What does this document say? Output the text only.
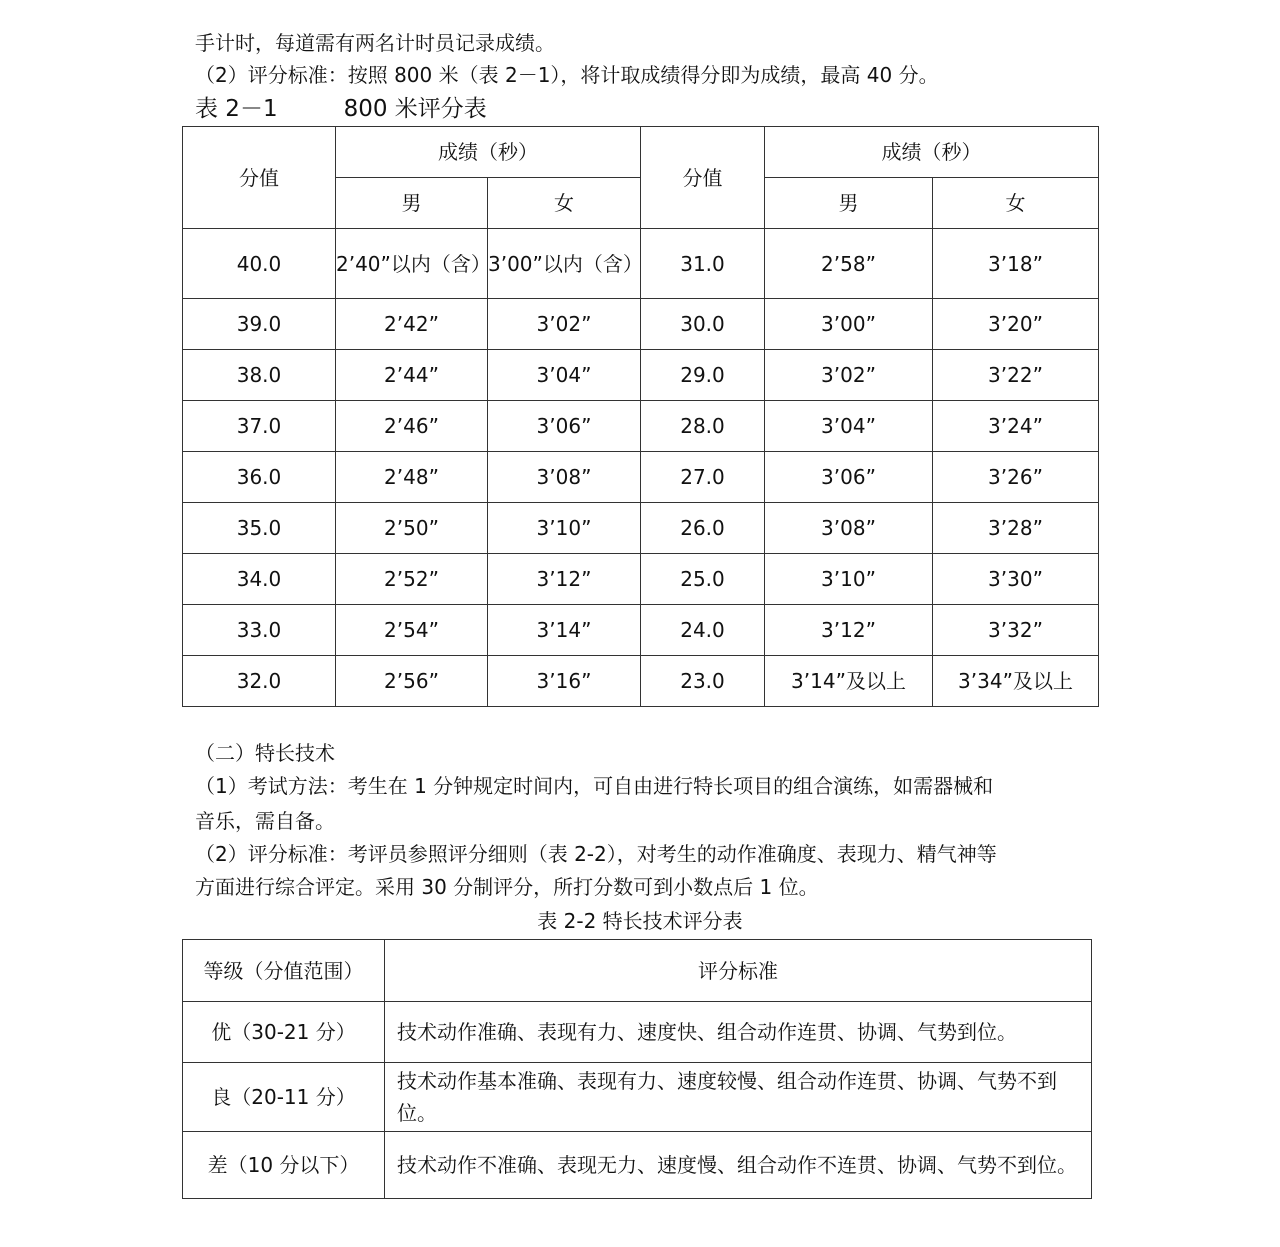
手计时，每道需有两名计时员记录成绩。
（2）评分标准：按照 800 米（表 2－1），将计取成绩得分即为成绩，最高 40 分。
表 2－1	800 米评分表
分值	成绩（秒）		分值	成绩（秒）	
	男	女		男	女
40.0	2’40”以内（含）	3’00”以内（含）	31.0	2’58”	3’18”
39.0	2’42”	3’02”	30.0	3’00”	3’20”
38.0	2’44”	3’04”	29.0	3’02”	3’22”
37.0	2’46”	3’06”	28.0	3’04”	3’24”
36.0	2’48”	3’08”	27.0	3’06”	3’26”
35.0	2’50”	3’10”	26.0	3’08”	3’28”
34.0	2’52”	3’12”	25.0	3’10”	3’30”
33.0	2’54”	3’14”	24.0	3’12”	3’32”
32.0	2’56”	3’16”	23.0	3’14”及以上	3’34”及以上
（二）特长技术
（1）考试方法：考生在 1 分钟规定时间内，可自由进行特长项目的组合演练，如需器械和
音乐，需自备。
（2）评分标准：考评员参照评分细则（表 2-2），对考生的动作准确度、表现力、精气神等
方面进行综合评定。采用 30 分制评分，所打分数可到小数点后 1 位。
表 2-2 特长技术评分表
等级（分值范围）	评分标准
优（30-21 分）	技术动作准确、表现有力、速度快、组合动作连贯、协调、气势到位。
良（20-11 分）	技术动作基本准确、表现有力、速度较慢、组合动作连贯、协调、气势不到位。
差（10 分以下）	技术动作不准确、表现无力、速度慢、组合动作不连贯、协调、气势不到位。
